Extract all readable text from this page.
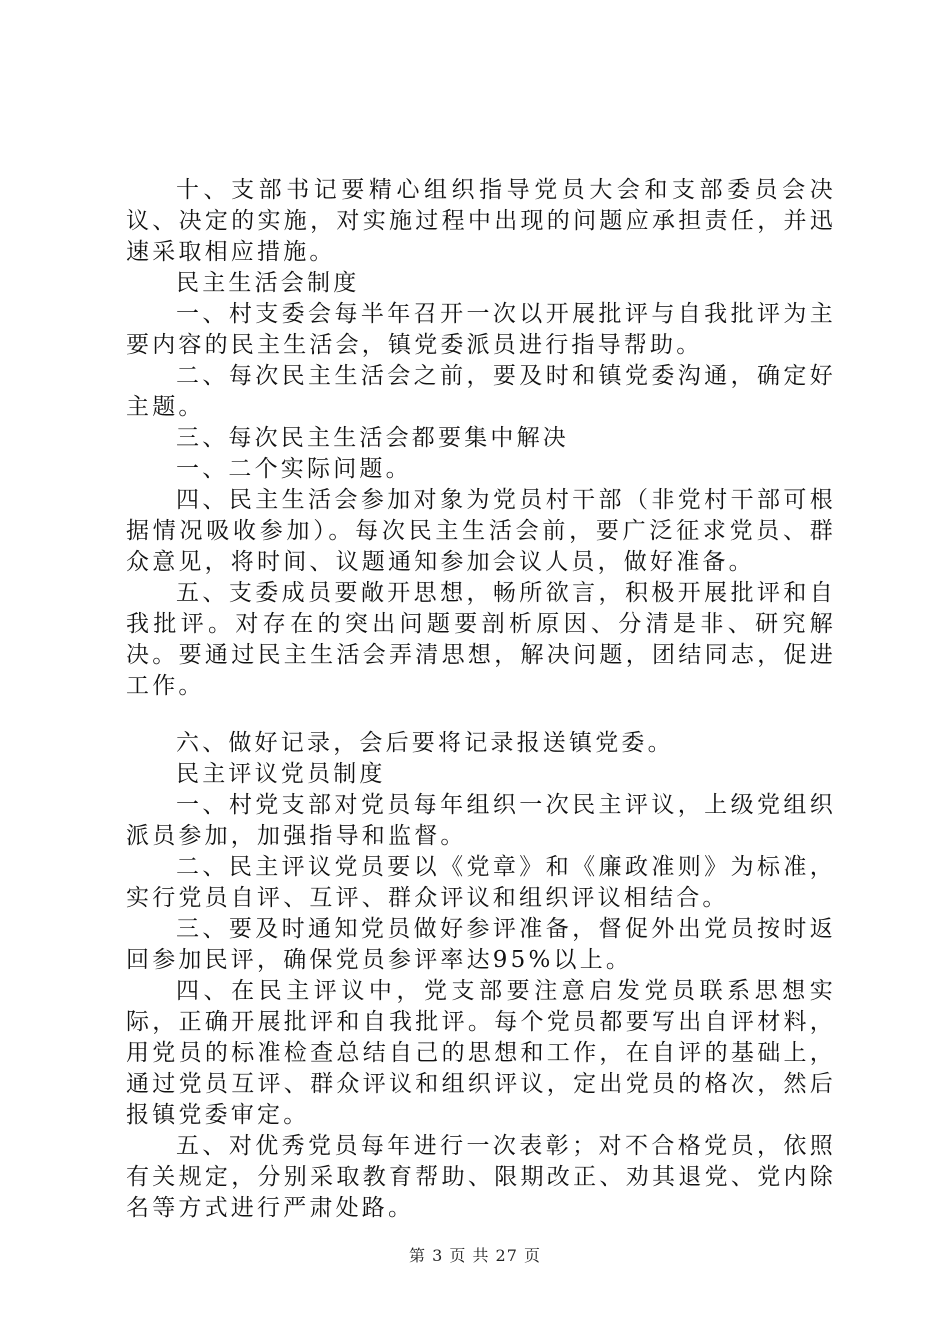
十、支部书记要精心组织指导党员大会和支部委员会决议、决定的实施，对实施过程中出现的问题应承担责任，并迅速采取相应措施。

民主生活会制度

一、村支委会每半年召开一次以开展批评与自我批评为主要内容的民主生活会，镇党委派员进行指导帮助。

二、每次民主生活会之前，要及时和镇党委沟通，确定好主题。

三、每次民主生活会都要集中解决

一、二个实际问题。

四、民主生活会参加对象为党员村干部（非党村干部可根据情况吸收参加）。每次民主生活会前，要广泛征求党员、群众意见，将时间、议题通知参加会议人员，做好准备。

五、支委成员要敞开思想，畅所欲言，积极开展批评和自我批评。对存在的突出问题要剖析原因、分清是非、研究解决。要通过民主生活会弄清思想，解决问题，团结同志，促进工作。

六、做好记录，会后要将记录报送镇党委。

民主评议党员制度

一、村党支部对党员每年组织一次民主评议，上级党组织派员参加，加强指导和监督。

二、民主评议党员要以《党章》和《廉政准则》为标准，实行党员自评、互评、群众评议和组织评议相结合。

三、要及时通知党员做好参评准备，督促外出党员按时返回参加民评，确保党员参评率达95%以上。

四、在民主评议中，党支部要注意启发党员联系思想实际，正确开展批评和自我批评。每个党员都要写出自评材料，用党员的标准检查总结自己的思想和工作，在自评的基础上，通过党员互评、群众评议和组织评议，定出党员的格次，然后报镇党委审定。

五、对优秀党员每年进行一次表彰；对不合格党员，依照有关规定，分别采取教育帮助、限期改正、劝其退党、党内除名等方式进行严肃处路。

第 3 页 共 27 页
